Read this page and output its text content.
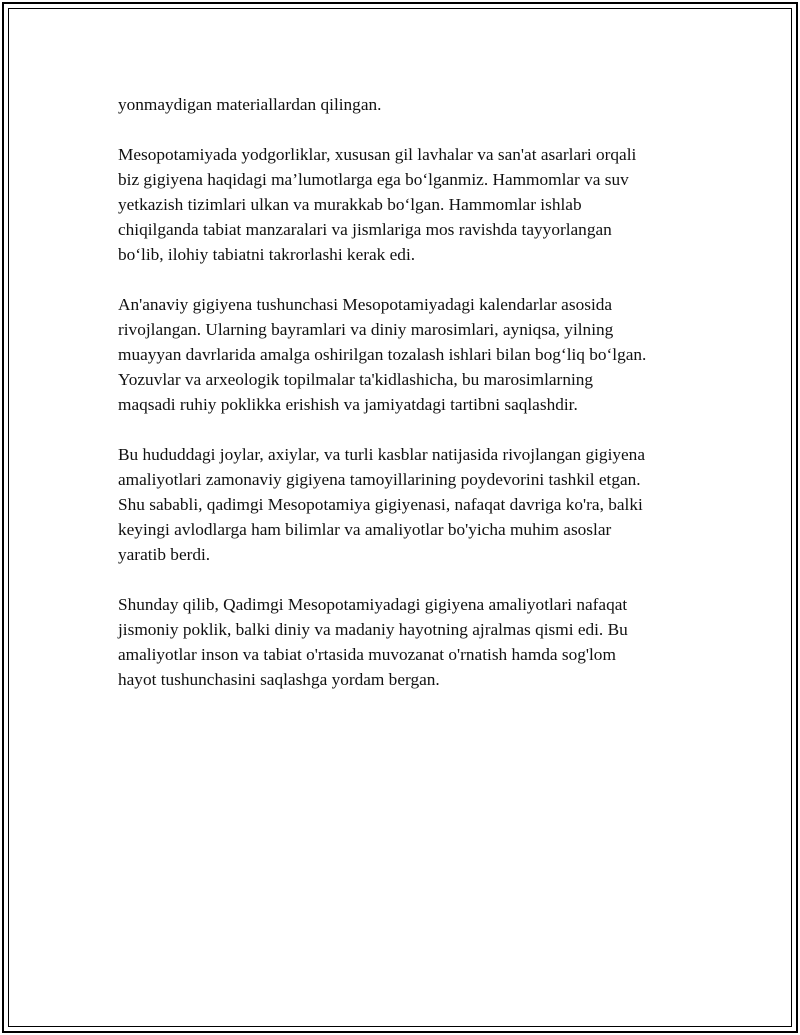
yonmaydigan materiallardan qilingan.

Mesopotamiyada yodgorliklar, xususan gil lavhalar va san'at asarlari orqali
biz gigiyena haqidagi ma’lumotlarga ega boʻlganmiz. Hammomlar va suv
yetkazish tizimlari ulkan va murakkab boʻlgan. Hammomlar ishlab
chiqilganda tabiat manzaralari va jismlariga mos ravishda tayyorlangan
boʻlib, ilohiy tabiatni takrorlashi kerak edi.

An'anaviy gigiyena tushunchasi Mesopotamiyadagi kalendarlar asosida
rivojlangan. Ularning bayramlari va diniy marosimlari, ayniqsa, yilning
muayyan davrlarida amalga oshirilgan tozalash ishlari bilan bogʻliq boʻlgan.
Yozuvlar va arxeologik topilmalar ta'kidlashicha, bu marosimlarning
maqsadi ruhiy poklikka erishish va jamiyatdagi tartibni saqlashdir.

Bu hududdagi joylar, axiylar, va turli kasblar natijasida rivojlangan gigiyena
amaliyotlari zamonaviy gigiyena tamoyillarining poydevorini tashkil etgan.
Shu sababli, qadimgi Mesopotamiya gigiyenasi, nafaqat davriga ko'ra, balki
keyingi avlodlarga ham bilimlar va amaliyotlar bo'yicha muhim asoslar
yaratib berdi.

Shunday qilib, Qadimgi Mesopotamiyadagi gigiyena amaliyotlari nafaqat
jismoniy poklik, balki diniy va madaniy hayotning ajralmas qismi edi. Bu
amaliyotlar inson va tabiat o'rtasida muvozanat o'rnatish hamda sog'lom
hayot tushunchasini saqlashga yordam bergan.
